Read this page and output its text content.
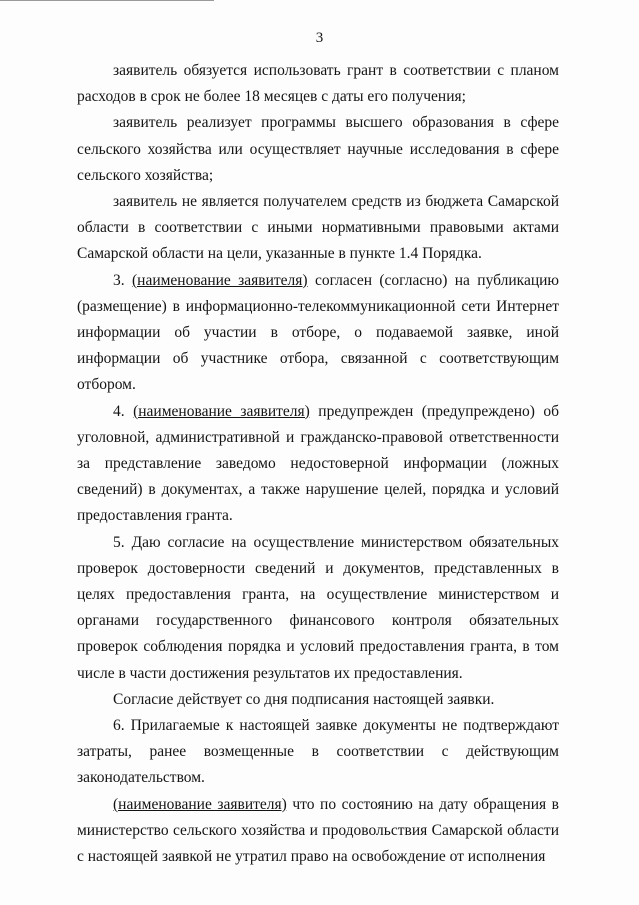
3

заявитель обязуется использовать грант в соответствии с планом расходов в срок не более 18 месяцев с даты его получения;

заявитель реализует программы высшего образования в сфере сельского хозяйства или осуществляет научные исследования в сфере сельского хозяйства;

заявитель не является получателем средств из бюджета Самарской области в соответствии с иными нормативными правовыми актами Самарской области на цели, указанные в пункте 1.4 Порядка.

3. (наименование заявителя) согласен (согласно) на публикацию (размещение) в информационно-телекоммуникационной сети Интернет информации об участии в отборе, о подаваемой заявке, иной информации об участнике отбора, связанной с соответствующим отбором.

4. (наименование заявителя) предупрежден (предупреждено) об уголовной, административной и гражданско-правовой ответственности за представление заведомо недостоверной информации (ложных сведений) в документах, а также нарушение целей, порядка и условий предоставления гранта.

5. Даю согласие на осуществление министерством обязательных проверок достоверности сведений и документов, представленных в целях предоставления гранта, на осуществление министерством и органами государственного финансового контроля обязательных проверок соблюдения порядка и условий предоставления гранта, в том числе в части достижения результатов их предоставления.

Согласие действует со дня подписания настоящей заявки.

6. Прилагаемые к настоящей заявке документы не подтверждают затраты, ранее возмещенные в соответствии с действующим законодательством.

(наименование заявителя) что по состоянию на дату обращения в министерство сельского хозяйства и продовольствия Самарской области с настоящей заявкой не утратил право на освобождение от исполнения
